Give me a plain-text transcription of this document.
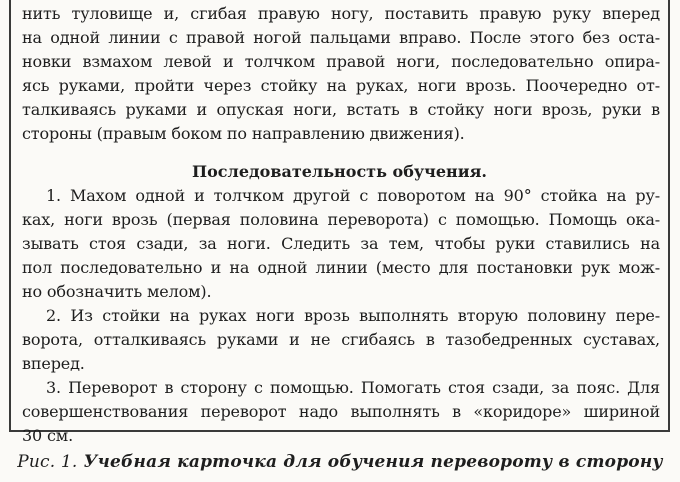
нить туловище и, сгибая правую ногу, поставить правую руку вперед
на одной линии с правой ногой пальцами вправо. После этого без оста-
новки взмахом левой и толчком правой ноги, последовательно опира-
ясь руками, пройти через стойку на руках, ноги врозь. Поочередно от-
талкиваясь руками и опуская ноги, встать в стойку ноги врозь, руки в
стороны (правым боком по направлению движения).
Последовательность обучения.
1. Махом одной и толчком другой с поворотом на 90° стойка на ру-
ках, ноги врозь (первая половина переворота) с помощью. Помощь ока-
зывать стоя сзади, за ноги. Следить за тем, чтобы руки ставились на
пол последовательно и на одной линии (место для постановки рук мож-
но обозначить мелом).
2. Из стойки на руках ноги врозь выполнять вторую половину пере-
ворота, отталкиваясь руками и не сгибаясь в тазобедренных суставах,
вперед.
3. Переворот в сторону с помощью. Помогать стоя сзади, за пояс. Для
совершенствования переворот надо выполнять в «коридоре» шириной
30 см.
Рис. 1. Учебная карточка для обучения перевороту в сторону
